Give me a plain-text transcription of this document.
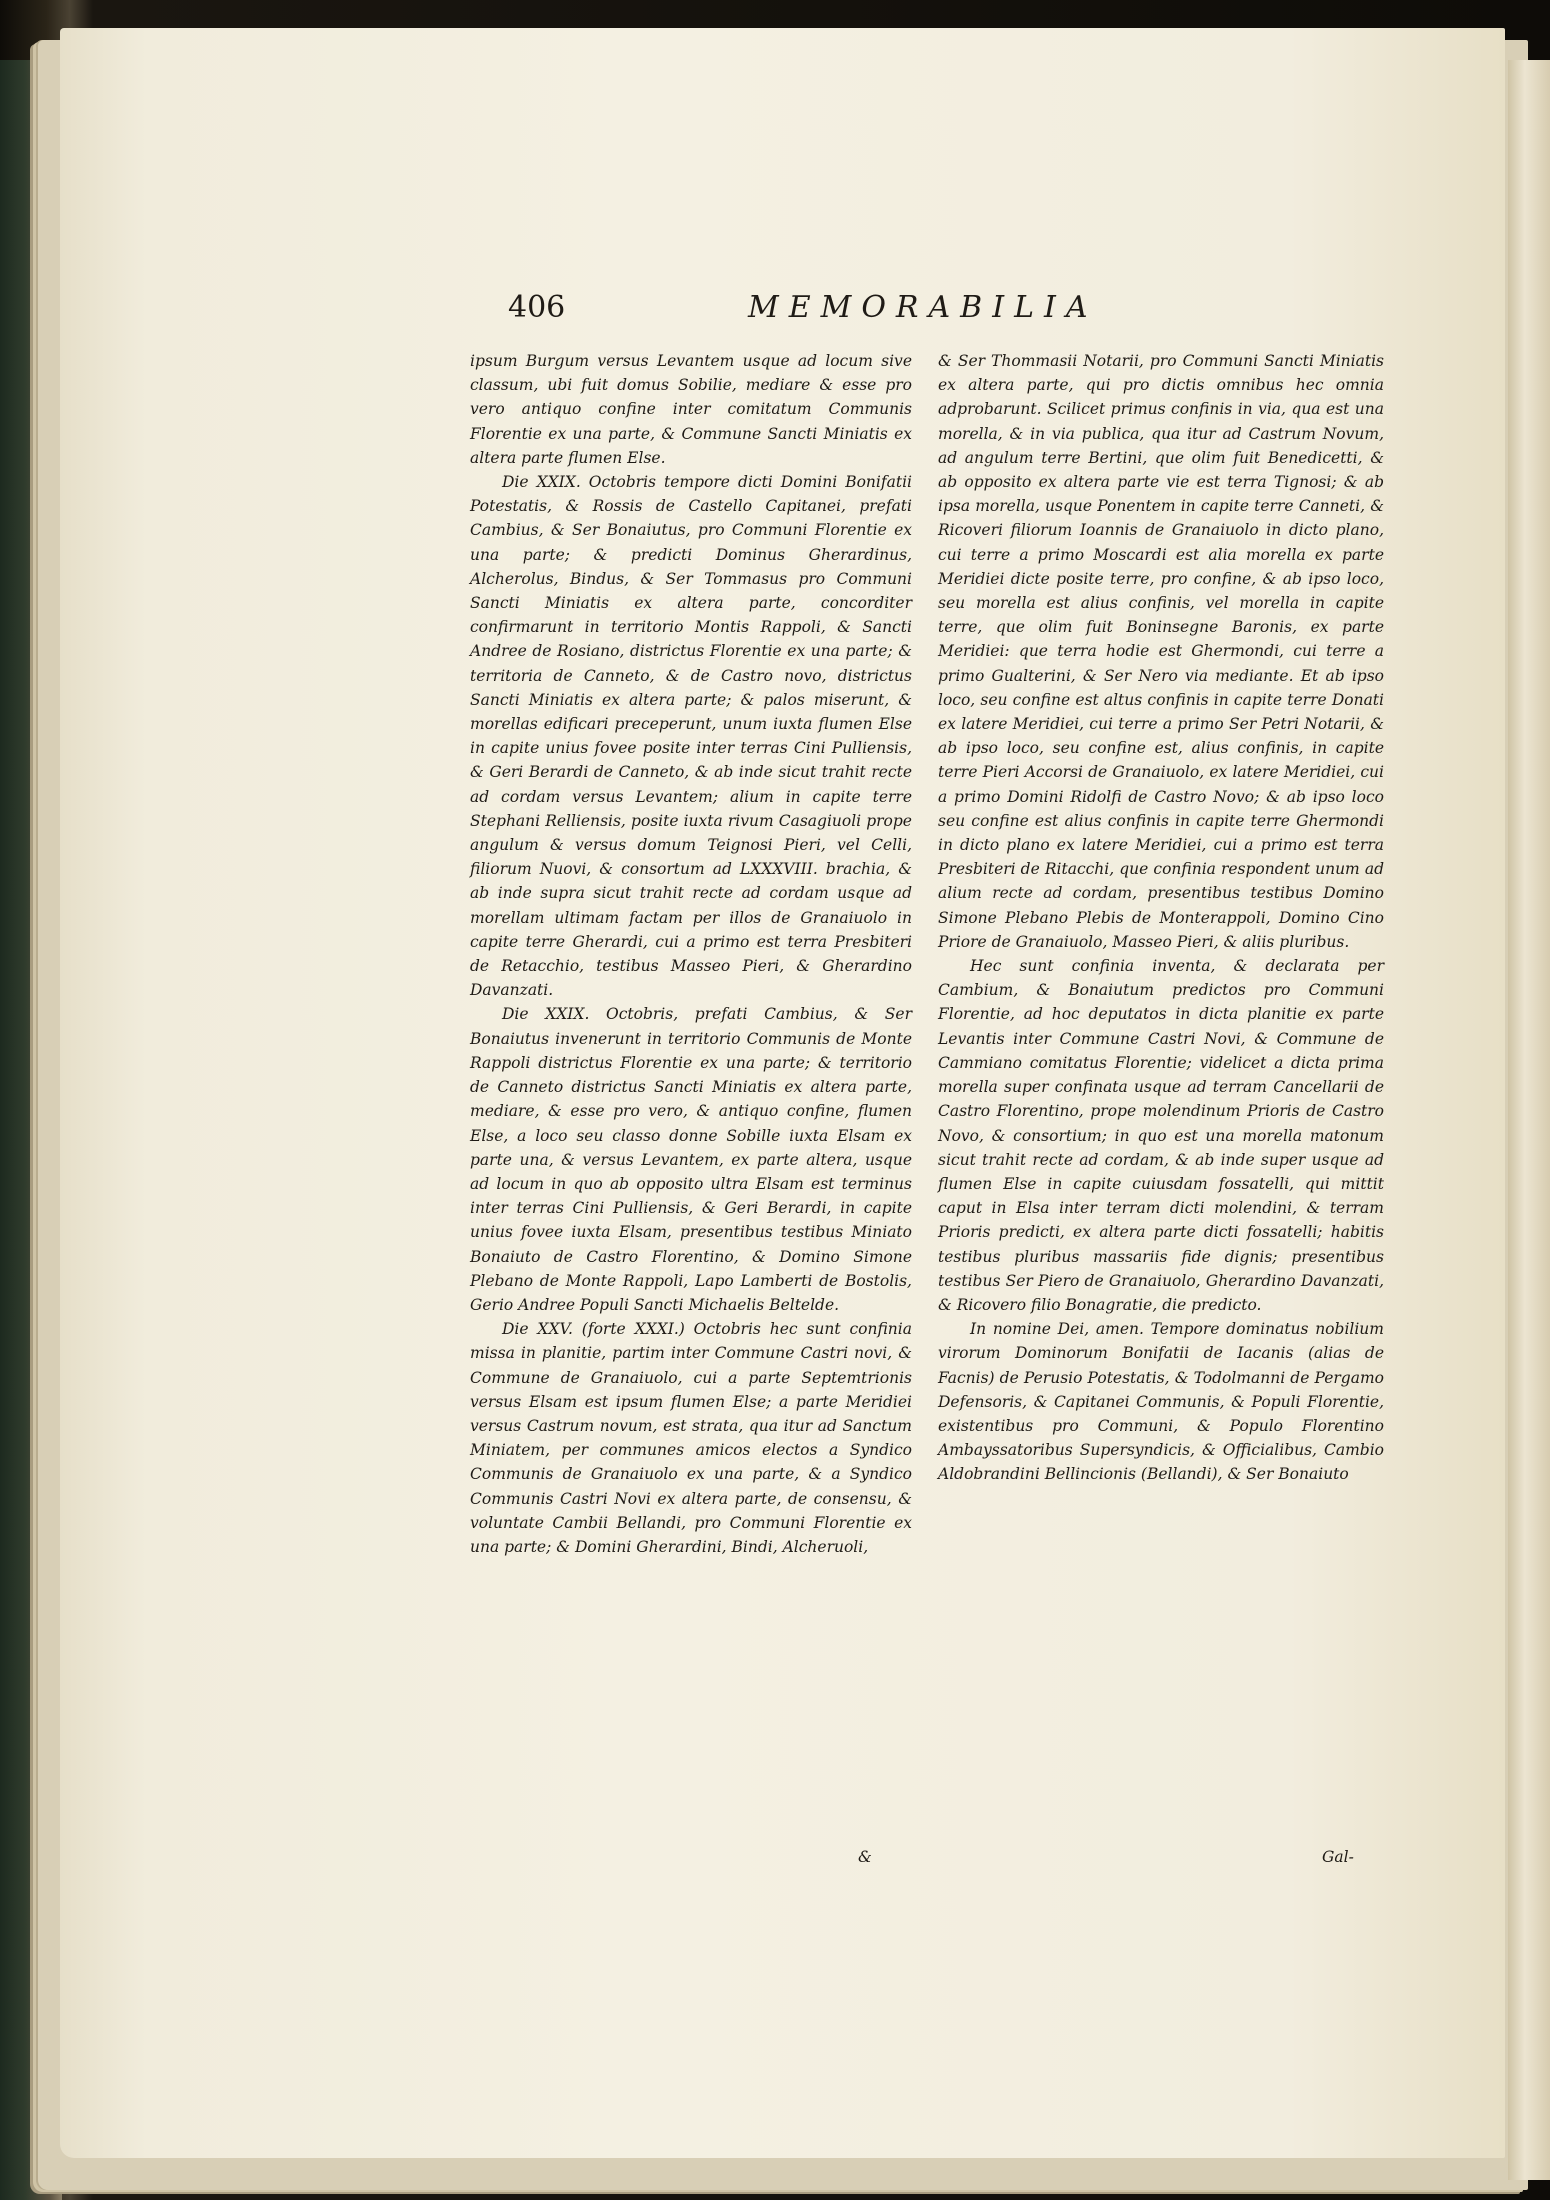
406	MEMORABILIA

ipsum Burgum versus Levantem usque ad locum sive classum, ubi fuit domus Sobilie, mediare & esse pro vero antiquo confine inter comitatum Communis Florentie ex una parte, & Commune Sancti Miniatis ex altera parte flumen Else.

Die XXIX. Octobris tempore dicti Domini Bonifatii Potestatis, & Rossis de Castello Capitanei, prefati Cambius, & Ser Bonaiutus, pro Communi Florentie ex una parte; & predicti Dominus Gherardinus, Alcherolus, Bindus, & Ser Tommasus pro Communi Sancti Miniatis ex altera parte, concorditer confirmarunt in territorio Montis Rappoli, & Sancti Andree de Rosiano, districtus Florentie ex una parte; & territoria de Canneto, & de Castro novo, districtus Sancti Miniatis ex altera parte; & palos miserunt, & morellas edificari preceperunt, unum iuxta flumen Else in capite unius fovee posite inter terras Cini Pulliensis, & Geri Berardi de Canneto, & ab inde sicut trahit recte ad cordam versus Levantem; alium in capite terre Stephani Relliensis, posite iuxta rivum Casagiuoli prope angulum & versus domum Teignosi Pieri, vel Celli, filiorum Nuovi, & consortum ad LXXXVIII. brachia, & ab inde supra sicut trahit recte ad cordam usque ad morellam ultimam factam per illos de Granaiuolo in capite terre Gherardi, cui a primo est terra Presbiteri de Retacchio, testibus Masseo Pieri, & Gherardino Davanzati.

Die XXIX. Octobris, prefati Cambius, & Ser Bonaiutus invenerunt in territorio Communis de Monte Rappoli districtus Florentie ex una parte; & territorio de Canneto districtus Sancti Miniatis ex altera parte, mediare, & esse pro vero, & antiquo confine, flumen Else, a loco seu classo donne Sobille iuxta Elsam ex parte una, & versus Levantem, ex parte altera, usque ad locum in quo ab opposito ultra Elsam est terminus inter terras Cini Pulliensis, & Geri Berardi, in capite unius fovee iuxta Elsam, presentibus testibus Miniato Bonaiuto de Castro Florentino, & Domino Simone Plebano de Monte Rappoli, Lapo Lamberti de Bostolis, Gerio Andree Populi Sancti Michaelis Beltelde.

Die XXV. (forte XXXI.) Octobris hec sunt confinia missa in planitie, partim inter Commune Castri novi, & Commune de Granaiuolo, cui a parte Septemtrionis versus Elsam est ipsum flumen Else; a parte Meridiei versus Castrum novum, est strata, qua itur ad Sanctum Miniatem, per communes amicos electos a Syndico Communis de Granaiuolo ex una parte, & a Syndico Communis Castri Novi ex altera parte, de consensu, & voluntate Cambii Bellandi, pro Communi Florentie ex una parte; & Domini Gherardini, Bindi, Alcheruoli,

& Ser Thommasii Notarii, pro Communi Sancti Miniatis ex altera parte, qui pro dictis omnibus hec omnia adprobarunt. Scilicet primus confinis in via, qua est una morella, & in via publica, qua itur ad Castrum Novum, ad angulum terre Bertini, que olim fuit Benedicetti, & ab opposito ex altera parte vie est terra Tignosi; & ab ipsa morella, usque Ponentem in capite terre Canneti, & Ricoveri filiorum Ioannis de Granaiuolo in dicto plano, cui terre a primo Moscardi est alia morella ex parte Meridiei dicte posite terre, pro confine, & ab ipso loco, seu morella est alius confinis, vel morella in capite terre, que olim fuit Boninsegne Baronis, ex parte Meridiei: que terra hodie est Ghermondi, cui terre a primo Gualterini, & Ser Nero via mediante. Et ab ipso loco, seu confine est altus confinis in capite terre Donati ex latere Meridiei, cui terre a primo Ser Petri Notarii, & ab ipso loco, seu confine est, alius confinis, in capite terre Pieri Accorsi de Granaiuolo, ex latere Meridiei, cui a primo Domini Ridolfi de Castro Novo; & ab ipso loco seu confine est alius confinis in capite terre Ghermondi in dicto plano ex latere Meridiei, cui a primo est terra Presbiteri de Ritacchi, que confinia respondent unum ad alium recte ad cordam, presentibus testibus Domino Simone Plebano Plebis de Monterappoli, Domino Cino Priore de Granaiuolo, Masseo Pieri, & aliis pluribus.

Hec sunt confinia inventa, & declarata per Cambium, & Bonaiutum predictos pro Communi Florentie, ad hoc deputatos in dicta planitie ex parte Levantis inter Commune Castri Novi, & Commune de Cammiano comitatus Florentie; videlicet a dicta prima morella super confinata usque ad terram Cancellarii de Castro Florentino, prope molendinum Prioris de Castro Novo, & consortium; in quo est una morella matonum sicut trahit recte ad cordam, & ab inde super usque ad flumen Else in capite cuiusdam fossatelli, qui mittit caput in Elsa inter terram dicti molendini, & terram Prioris predicti, ex altera parte dicti fossatelli; habitis testibus pluribus massariis fide dignis; presentibus testibus Ser Piero de Granaiuolo, Gherardino Davanzati, & Ricovero filio Bonagratie, die predicto.

In nomine Dei, amen. Tempore dominatus nobilium virorum Dominorum Bonifatii de Iacanis (alias de Facnis) de Perusio Potestatis, & Todolmanni de Pergamo Defensoris, & Capitanei Communis, & Populi Florentie, existentibus pro Communi, & Populo Florentino Ambayssatoribus Supersyndicis, & Officialibus, Cambio Aldobrandini Bellincionis (Bellandi), & Ser Bonaiuto

&	Gal-
